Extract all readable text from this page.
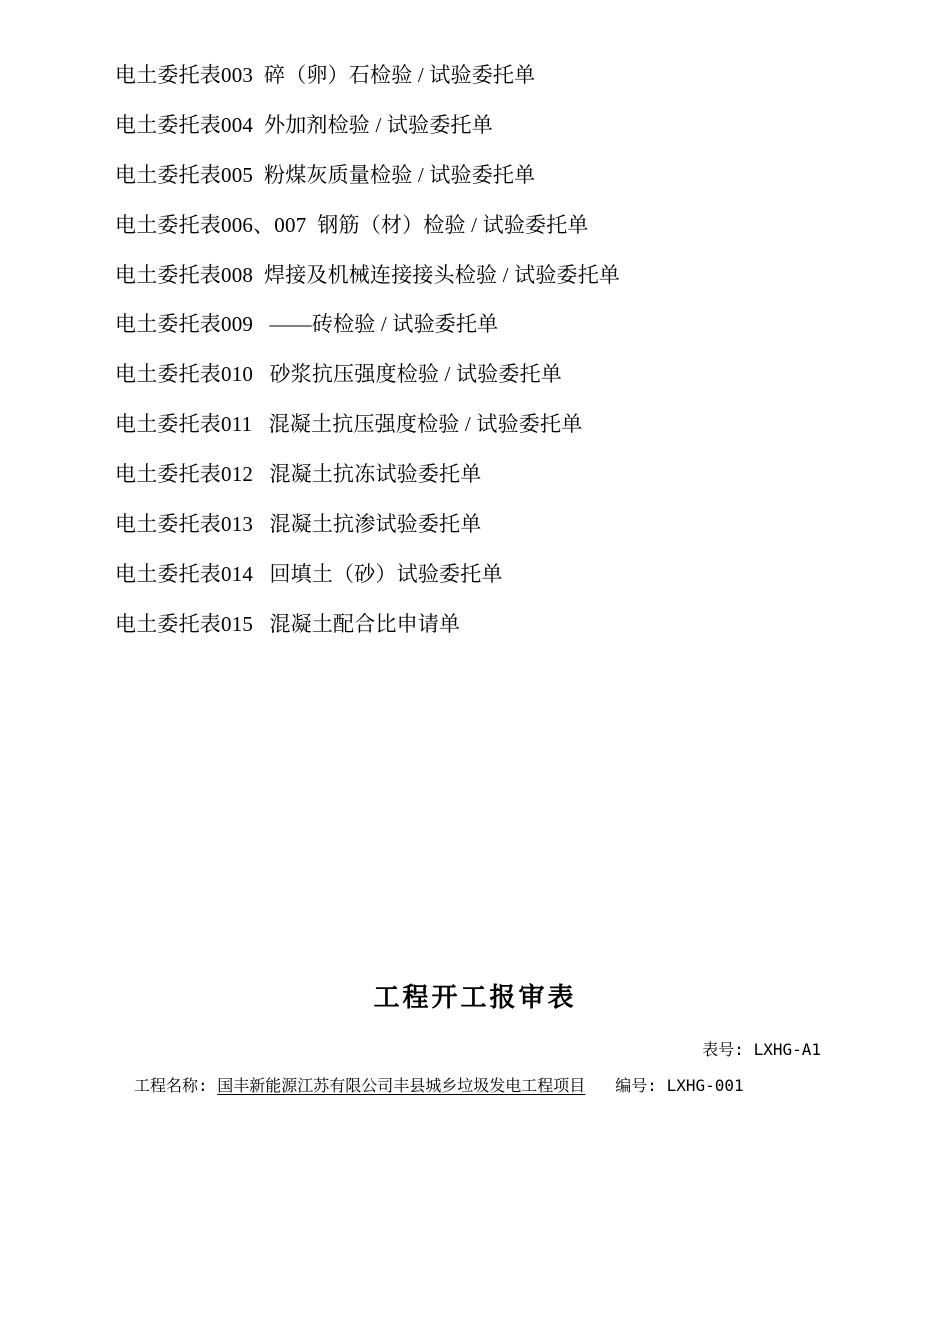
电土委托表003  碎（卵）石检验 / 试验委托单
电土委托表004  外加剂检验 / 试验委托单
电土委托表005  粉煤灰质量检验 / 试验委托单
电土委托表006、007  钢筋（材）检验 / 试验委托单
电土委托表008  焊接及机械连接接头检验 / 试验委托单
电土委托表009   ——砖检验 / 试验委托单
电土委托表010   砂浆抗压强度检验 / 试验委托单
电土委托表011   混凝土抗压强度检验 / 试验委托单
电土委托表012   混凝土抗冻试验委托单
电土委托表013   混凝土抗渗试验委托单
电土委托表014   回填土（砂）试验委托单
电土委托表015   混凝土配合比申请单
工程开工报审表
表号: LXHG-A1
工程名称: 国丰新能源江苏有限公司丰县城乡垃圾发电工程项目 编号: LXHG-001
